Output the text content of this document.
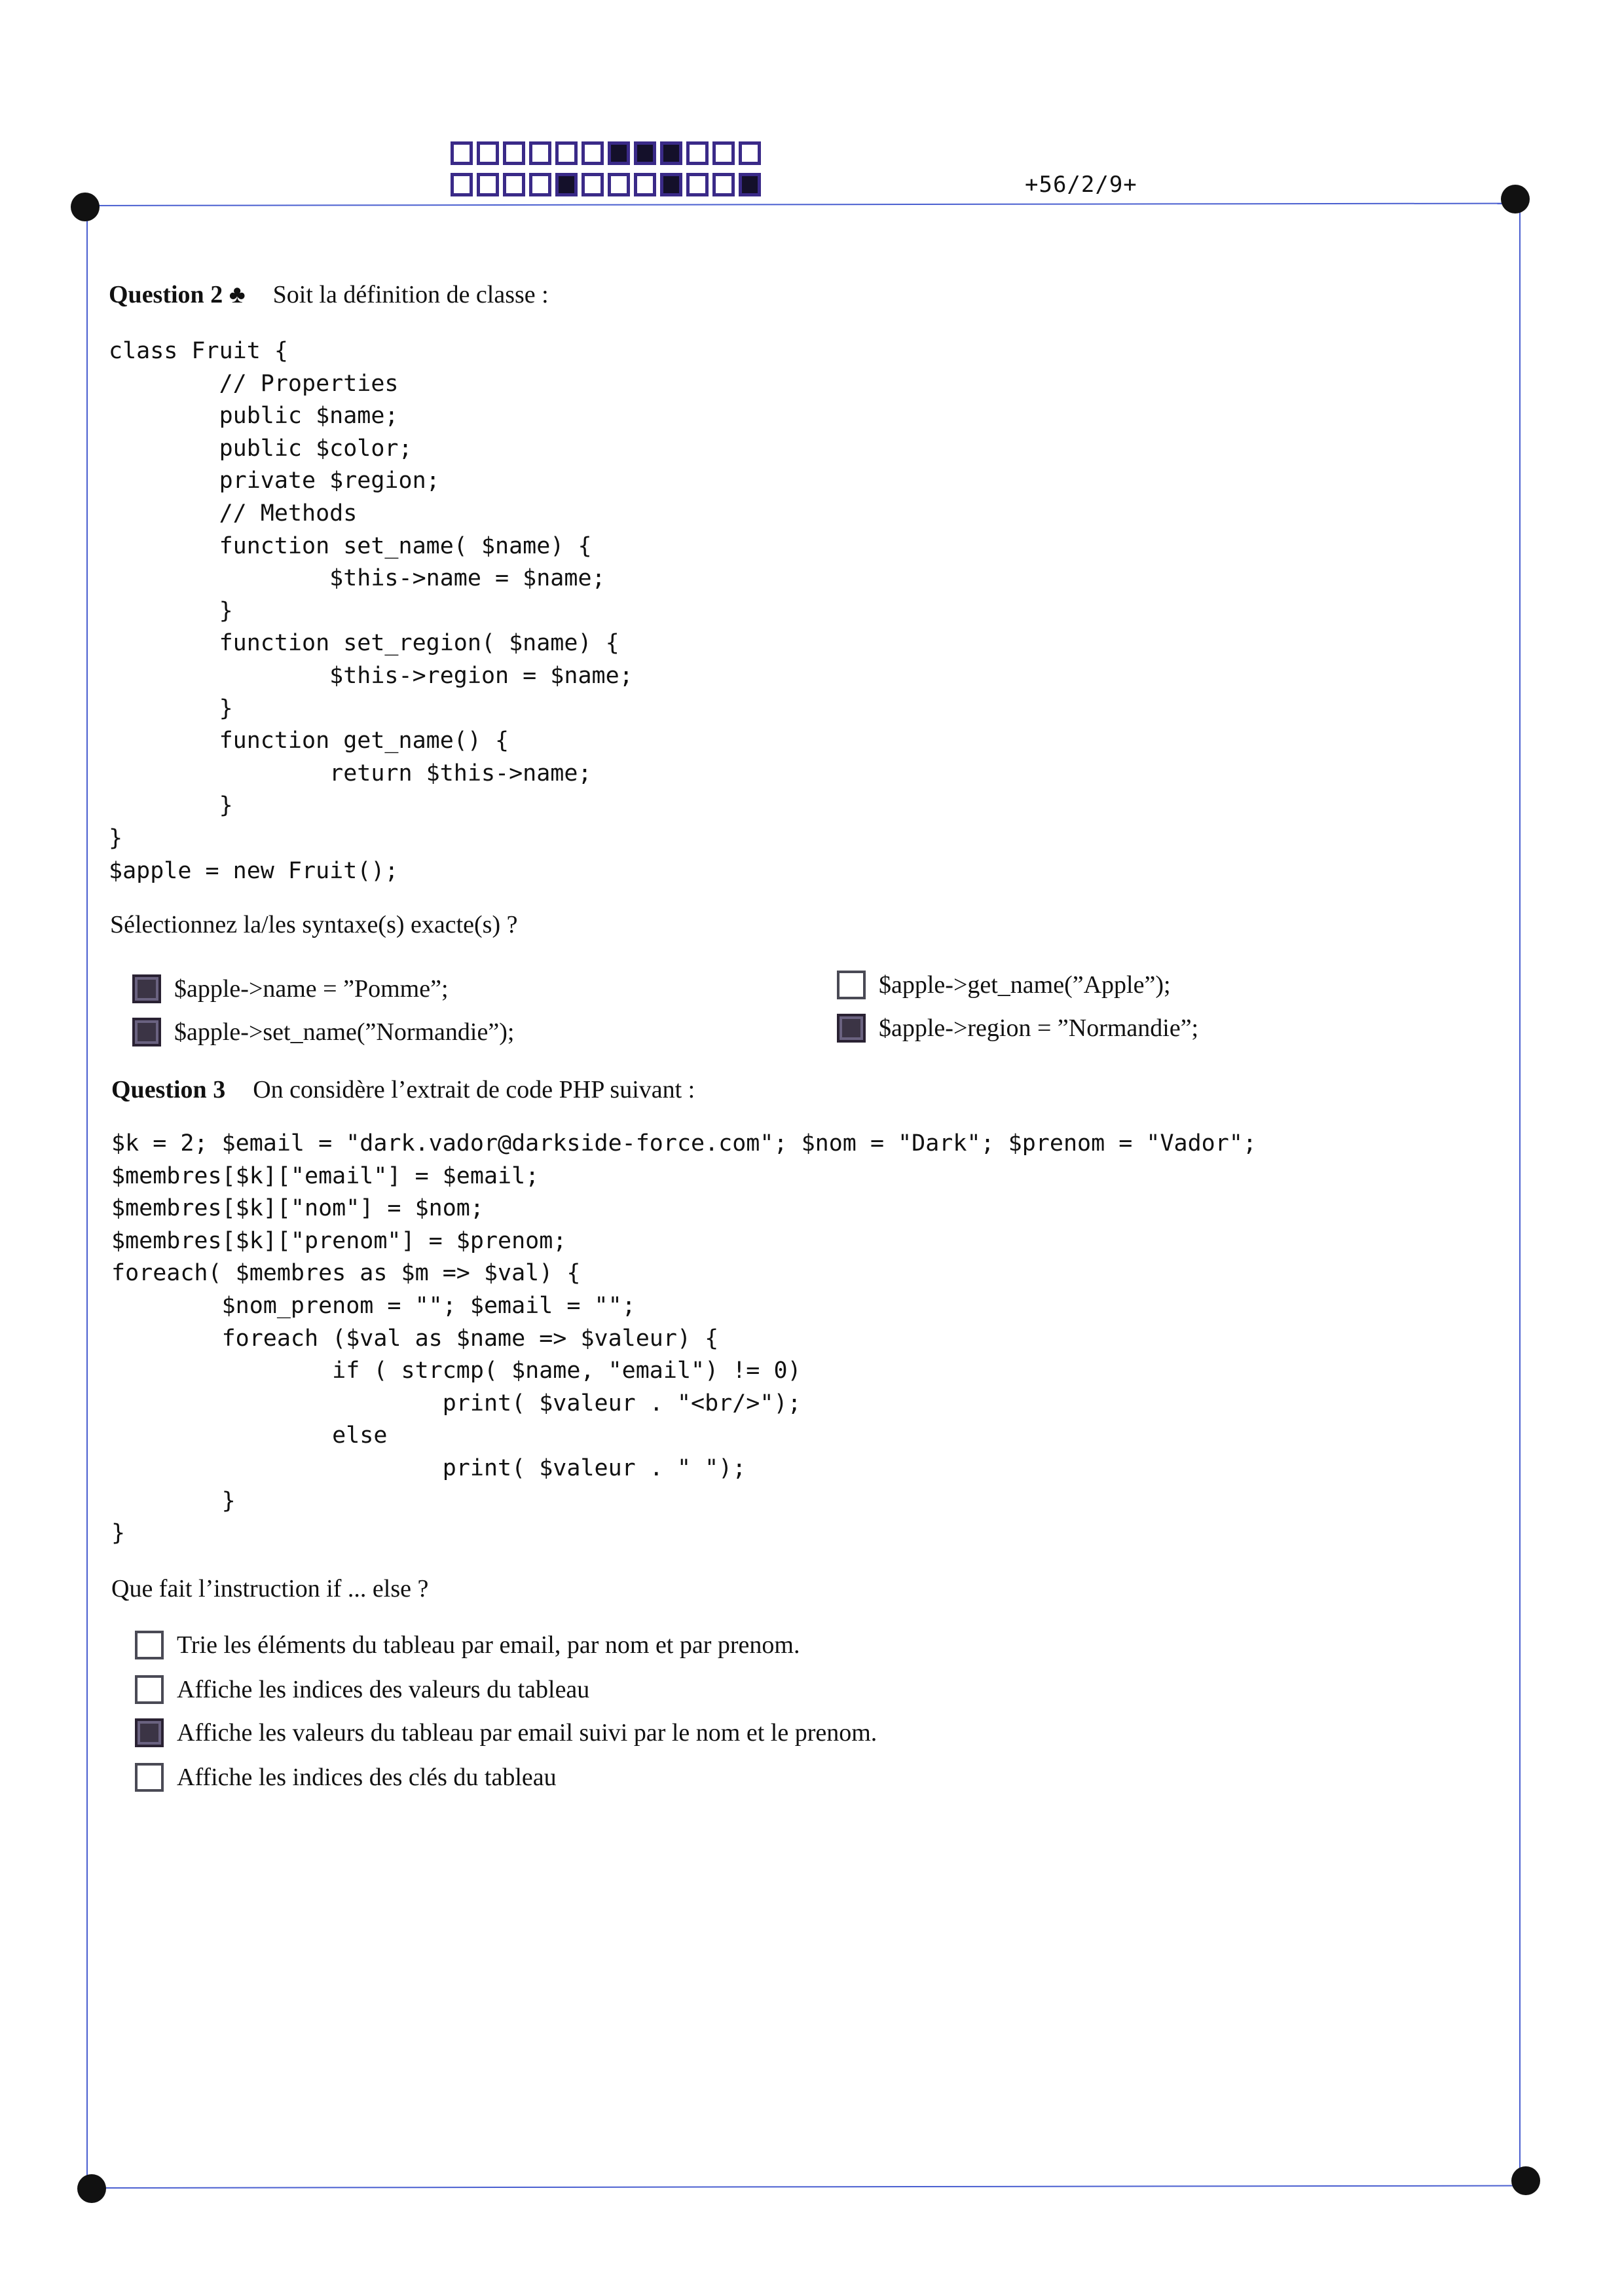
+56/2/9+
Question 2 ♣ Soit la définition de classe :
class Fruit {
// Properties
public $name;
public $color;
private $region;
// Methods
function set_name( $name) {
$this->name = $name;
}
function set_region( $name) {
$this->region = $name;
}
function get_name() {
return $this->name;
}
}
$apple = new Fruit();
Sélectionnez la/les syntaxe(s) exacte(s) ?
$apple->name = ”Pomme”;
$apple->set_name(”Normandie”);
$apple->get_name(”Apple”);
$apple->region = ”Normandie”;
Question 3 On considère l’extrait de code PHP suivant :
$k = 2; $email = "dark.vador@darkside-force.com"; $nom = "Dark"; $prenom = "Vador";
$membres[$k]["email"] = $email;
$membres[$k]["nom"] = $nom;
$membres[$k]["prenom"] = $prenom;
foreach( $membres as $m => $val) {
$nom_prenom = ""; $email = "";
foreach ($val as $name => $valeur) {
if ( strcmp( $name, "email") != 0)
print( $valeur . "<br/>");
else
print( $valeur . " ");
}
}
Que fait l’instruction if ... else ?
Trie les éléments du tableau par email, par nom et par prenom.
Affiche les indices des valeurs du tableau
Affiche les valeurs du tableau par email suivi par le nom et le prenom.
Affiche les indices des clés du tableau
